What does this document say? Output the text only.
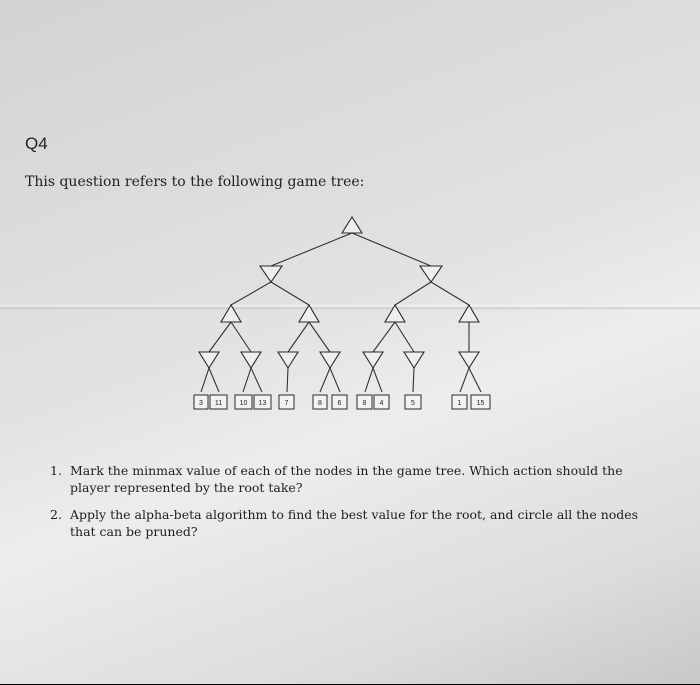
Q4
This question refers to the following game tree:
3 11 10 13	7	8 6	8 4	5	1 15
1. Mark the minmax value of each of the nodes in the game tree. Which action should the player represented by the root take?
2. Apply the alpha-beta algorithm to find the best value for the root, and circle all the nodes that can be pruned?
